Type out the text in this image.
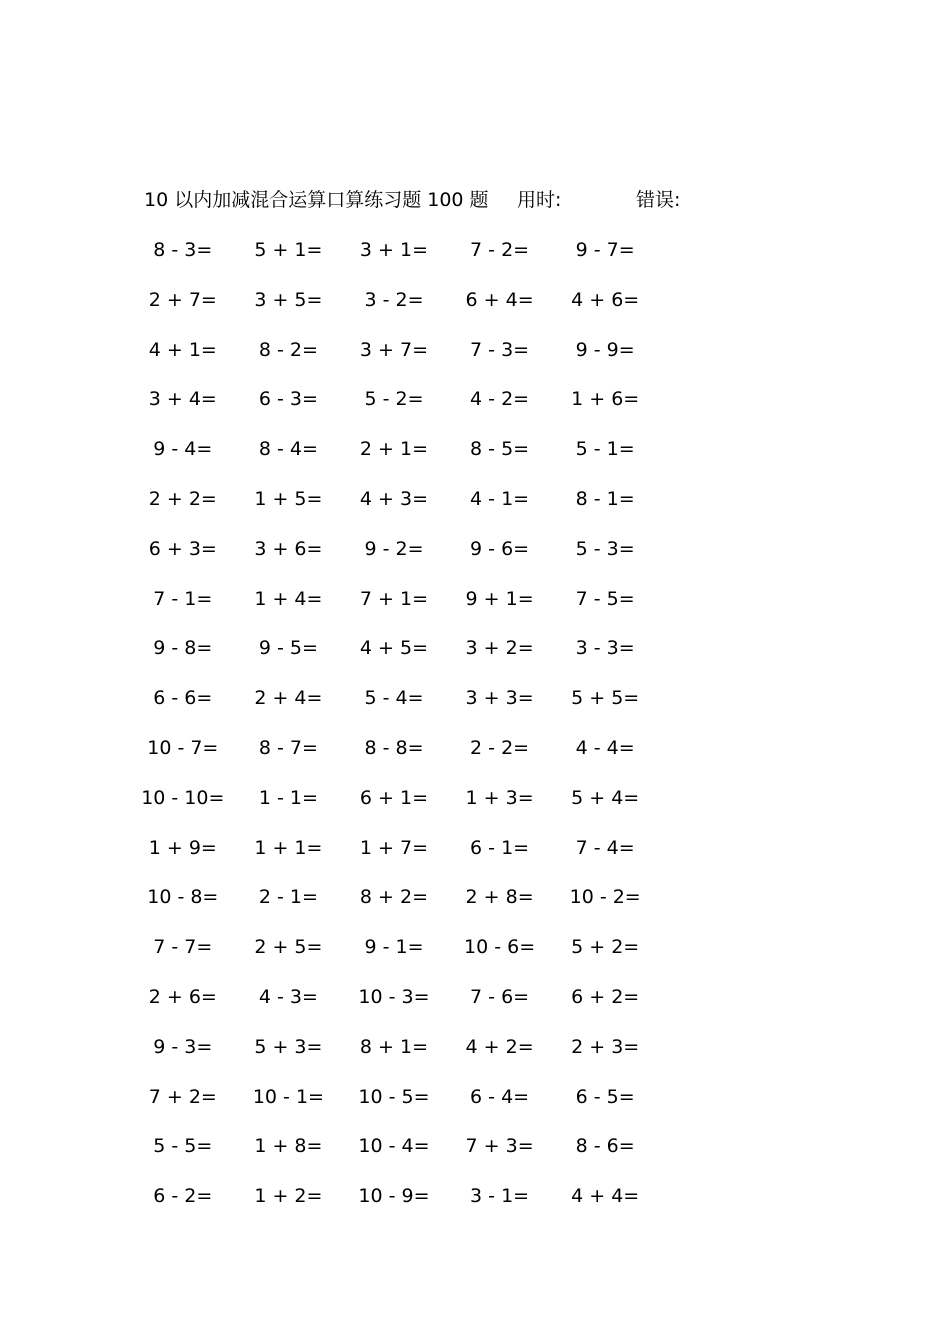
10 以内加减混合运算口算练习题 100 题 用时:	错误:
8 - 3=	5 + 1=	3 + 1=	7 - 2=	9 - 7=
2 + 7=	3 + 5=	3 - 2=	6 + 4=	4 + 6=
4 + 1=	8 - 2=	3 + 7=	7 - 3=	9 - 9=
3 + 4=	6 - 3=	5 - 2=	4 - 2=	1 + 6=
9 - 4=	8 - 4=	2 + 1=	8 - 5=	5 - 1=
2 + 2=	1 + 5=	4 + 3=	4 - 1=	8 - 1=
6 + 3=	3 + 6=	9 - 2=	9 - 6=	5 - 3=
7 - 1=	1 + 4=	7 + 1=	9 + 1=	7 - 5=
9 - 8=	9 - 5=	4 + 5=	3 + 2=	3 - 3=
6 - 6=	2 + 4=	5 - 4=	3 + 3=	5 + 5=
10 - 7=	8 - 7=	8 - 8=	2 - 2=	4 - 4=
10 - 10=	1 - 1=	6 + 1=	1 + 3=	5 + 4=
1 + 9=	1 + 1=	1 + 7=	6 - 1=	7 - 4=
10 - 8=	2 - 1=	8 + 2=	2 + 8=	10 - 2=
7 - 7=	2 + 5=	9 - 1=	10 - 6=	5 + 2=
2 + 6=	4 - 3=	10 - 3=	7 - 6=	6 + 2=
9 - 3=	5 + 3=	8 + 1=	4 + 2=	2 + 3=
7 + 2=	10 - 1=	10 - 5=	6 - 4=	6 - 5=
5 - 5=	1 + 8=	10 - 4=	7 + 3=	8 - 6=
6 - 2=	1 + 2=	10 - 9=	3 - 1=	4 + 4=
